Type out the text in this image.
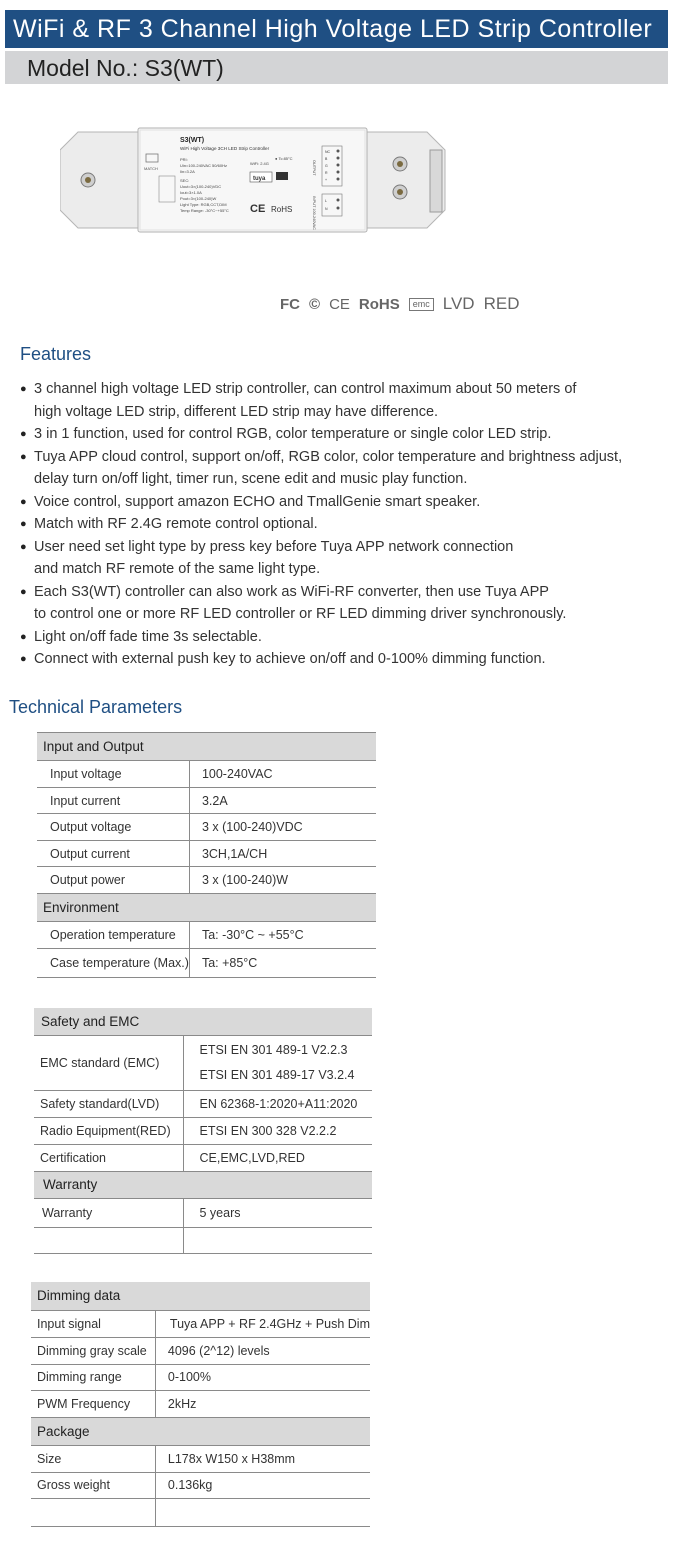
WiFi & RF 3 Channel High Voltage LED Strip Controller
Model No.: S3(WT)
MATCH
S3(WT)
WiFi High Voltage 3CH LED Strip Controller
PRI:
Uin=100-240VAC 50/60Hz
Iin=3.2A
SEC:
Uout=3×(100-240)VDC
Iout=3×1.0A
Pout=3×(100-240)W
Light Type: RGB,CCT,DIM
Temp Range: -30°C~+55°C
WiFi: 2.4G
● Tc:85°C
tuya
CE RoHS
OUTPUT
NC
B
G
R
+
INPUT 100-240VAC	L
N
FC © CE RoHS	emc LVD RED
Features
● 3 channel high voltage LED strip controller, can control maximum about 50 meters of
high voltage LED strip, different LED strip may have difference.
● 3 in 1 function, used for control RGB, color temperature or single color LED strip.
● Tuya APP cloud control, support on/off, RGB color, color temperature and brightness adjust,
delay turn on/off light, timer run, scene edit and music play function.
● Voice control, support amazon ECHO and TmallGenie smart speaker.
● Match with RF 2.4G remote control optional.
● User need set light type by press key before Tuya APP network connection
and match RF remote of the same light type.
● Each S3(WT) controller can also work as WiFi-RF converter, then use Tuya APP
to control one or more RF LED controller or RF LED dimming driver synchronously.
● Light on/off fade time 3s selectable.
● Connect with external push key to achieve on/off and 0-100% dimming function.
Technical Parameters
Input and Output	
Input voltage	100-240VAC
Input current	3.2A
Output voltage	3 x (100-240)VDC
Output current	3CH,1A/CH
Output power	3 x (100-240)W
Environment	
Operation temperature	Ta: -30°C ~ +55°C
Case temperature (Max.)	Ta: +85°C
Safety and EMC	
EMC standard (EMC)	ETSI EN 301 489-1 V2.2.3
ETSI EN 301 489-17 V3.2.4

Safety standard(LVD)	EN 62368-1:2020+A11:2020
Radio Equipment(RED)	ETSI EN 300 328 V2.2.2
Certification	CE,EMC,LVD,RED
Warranty	
Warranty	5 years

Dimming data	
Input signal	Tuya APP + RF 2.4GHz + Push Dim
Dimming gray scale	4096 (2^12) levels
Dimming range	0-100%
PWM Frequency	2kHz
Package	
Size	L178x W150 x H38mm
Gross weight	0.136kg
